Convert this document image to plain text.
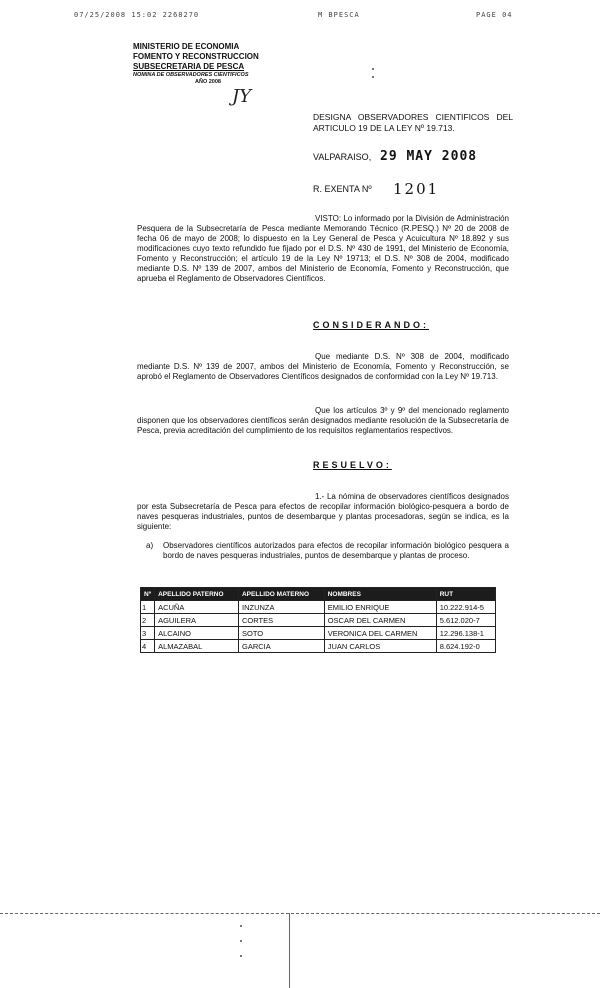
07/25/2008 15:02 2268270	M BPESCA	PAGE 04
MINISTERIO DE ECONOMIA
FOMENTO Y RECONSTRUCCION
SUBSECRETARIA DE PESCA
NOMINA DE OBSERVADORES CIENTIFICOS
AÑO 2008
JY
DESIGNA OBSERVADORES CIENTIFICOS DEL ARTICULO 19 DE LA LEY Nº 19.713.
VALPARAISO, 29 MAY 2008
R. EXENTA Nº 1201
VISTO: Lo informado por la División de Administración Pesquera de la Subsecretaría de Pesca mediante Memorando Técnico (R.PESQ.) Nº 20 de 2008 de fecha 06 de mayo de 2008; lo dispuesto en la Ley General de Pesca y Acuicultura Nº 18.892 y sus modificaciones cuyo texto refundido fue fijado por el D.S. Nº 430 de 1991, del Ministerio de Economía, Fomento y Reconstrucción; el artículo 19 de la Ley Nº 19713; el D.S. Nº 308 de 2004, modificado mediante D.S. Nº 139 de 2007, ambos del Ministerio de Economía, Fomento y Reconstrucción, que aprueba el Reglamento de Observadores Científicos.
CONSIDERANDO:
Que mediante D.S. Nº 308 de 2004, modificado mediante D.S. Nº 139 de 2007, ambos del Ministerio de Economía, Fomento y Reconstrucción, se aprobó el Reglamento de Observadores Científicos designados de conformidad con la Ley Nº 19.713.
Que los artículos 3º y 9º del mencionado reglamento disponen que los observadores científicos serán designados mediante resolución de la Subsecretaría de Pesca, previa acreditación del cumplimiento de los requisitos reglamentarios respectivos.
RESUELVO:
1.- La nómina de observadores científicos designados por esta Subsecretaría de Pesca para efectos de recopilar información biológico-pesquera a bordo de naves pesqueras industriales, puntos de desembarque y plantas procesadoras, según se indica, es la siguiente:
a) Observadores científicos autorizados para efectos de recopilar información biológico pesquera a bordo de naves pesqueras industriales, puntos de desembarque y plantas de proceso.
Nº	APELLIDO PATERNO	APELLIDO MATERNO	NOMBRES	RUT
1	ACUÑA	INZUNZA	EMILIO ENRIQUE	10.222.914-5
2	AGUILERA	CORTES	OSCAR DEL CARMEN	5.612.020-7
3	ALCAINO	SOTO	VERONICA DEL CARMEN	12.296.138-1
4	ALMAZABAL	GARCIA	JUAN CARLOS	8.624.192-0
